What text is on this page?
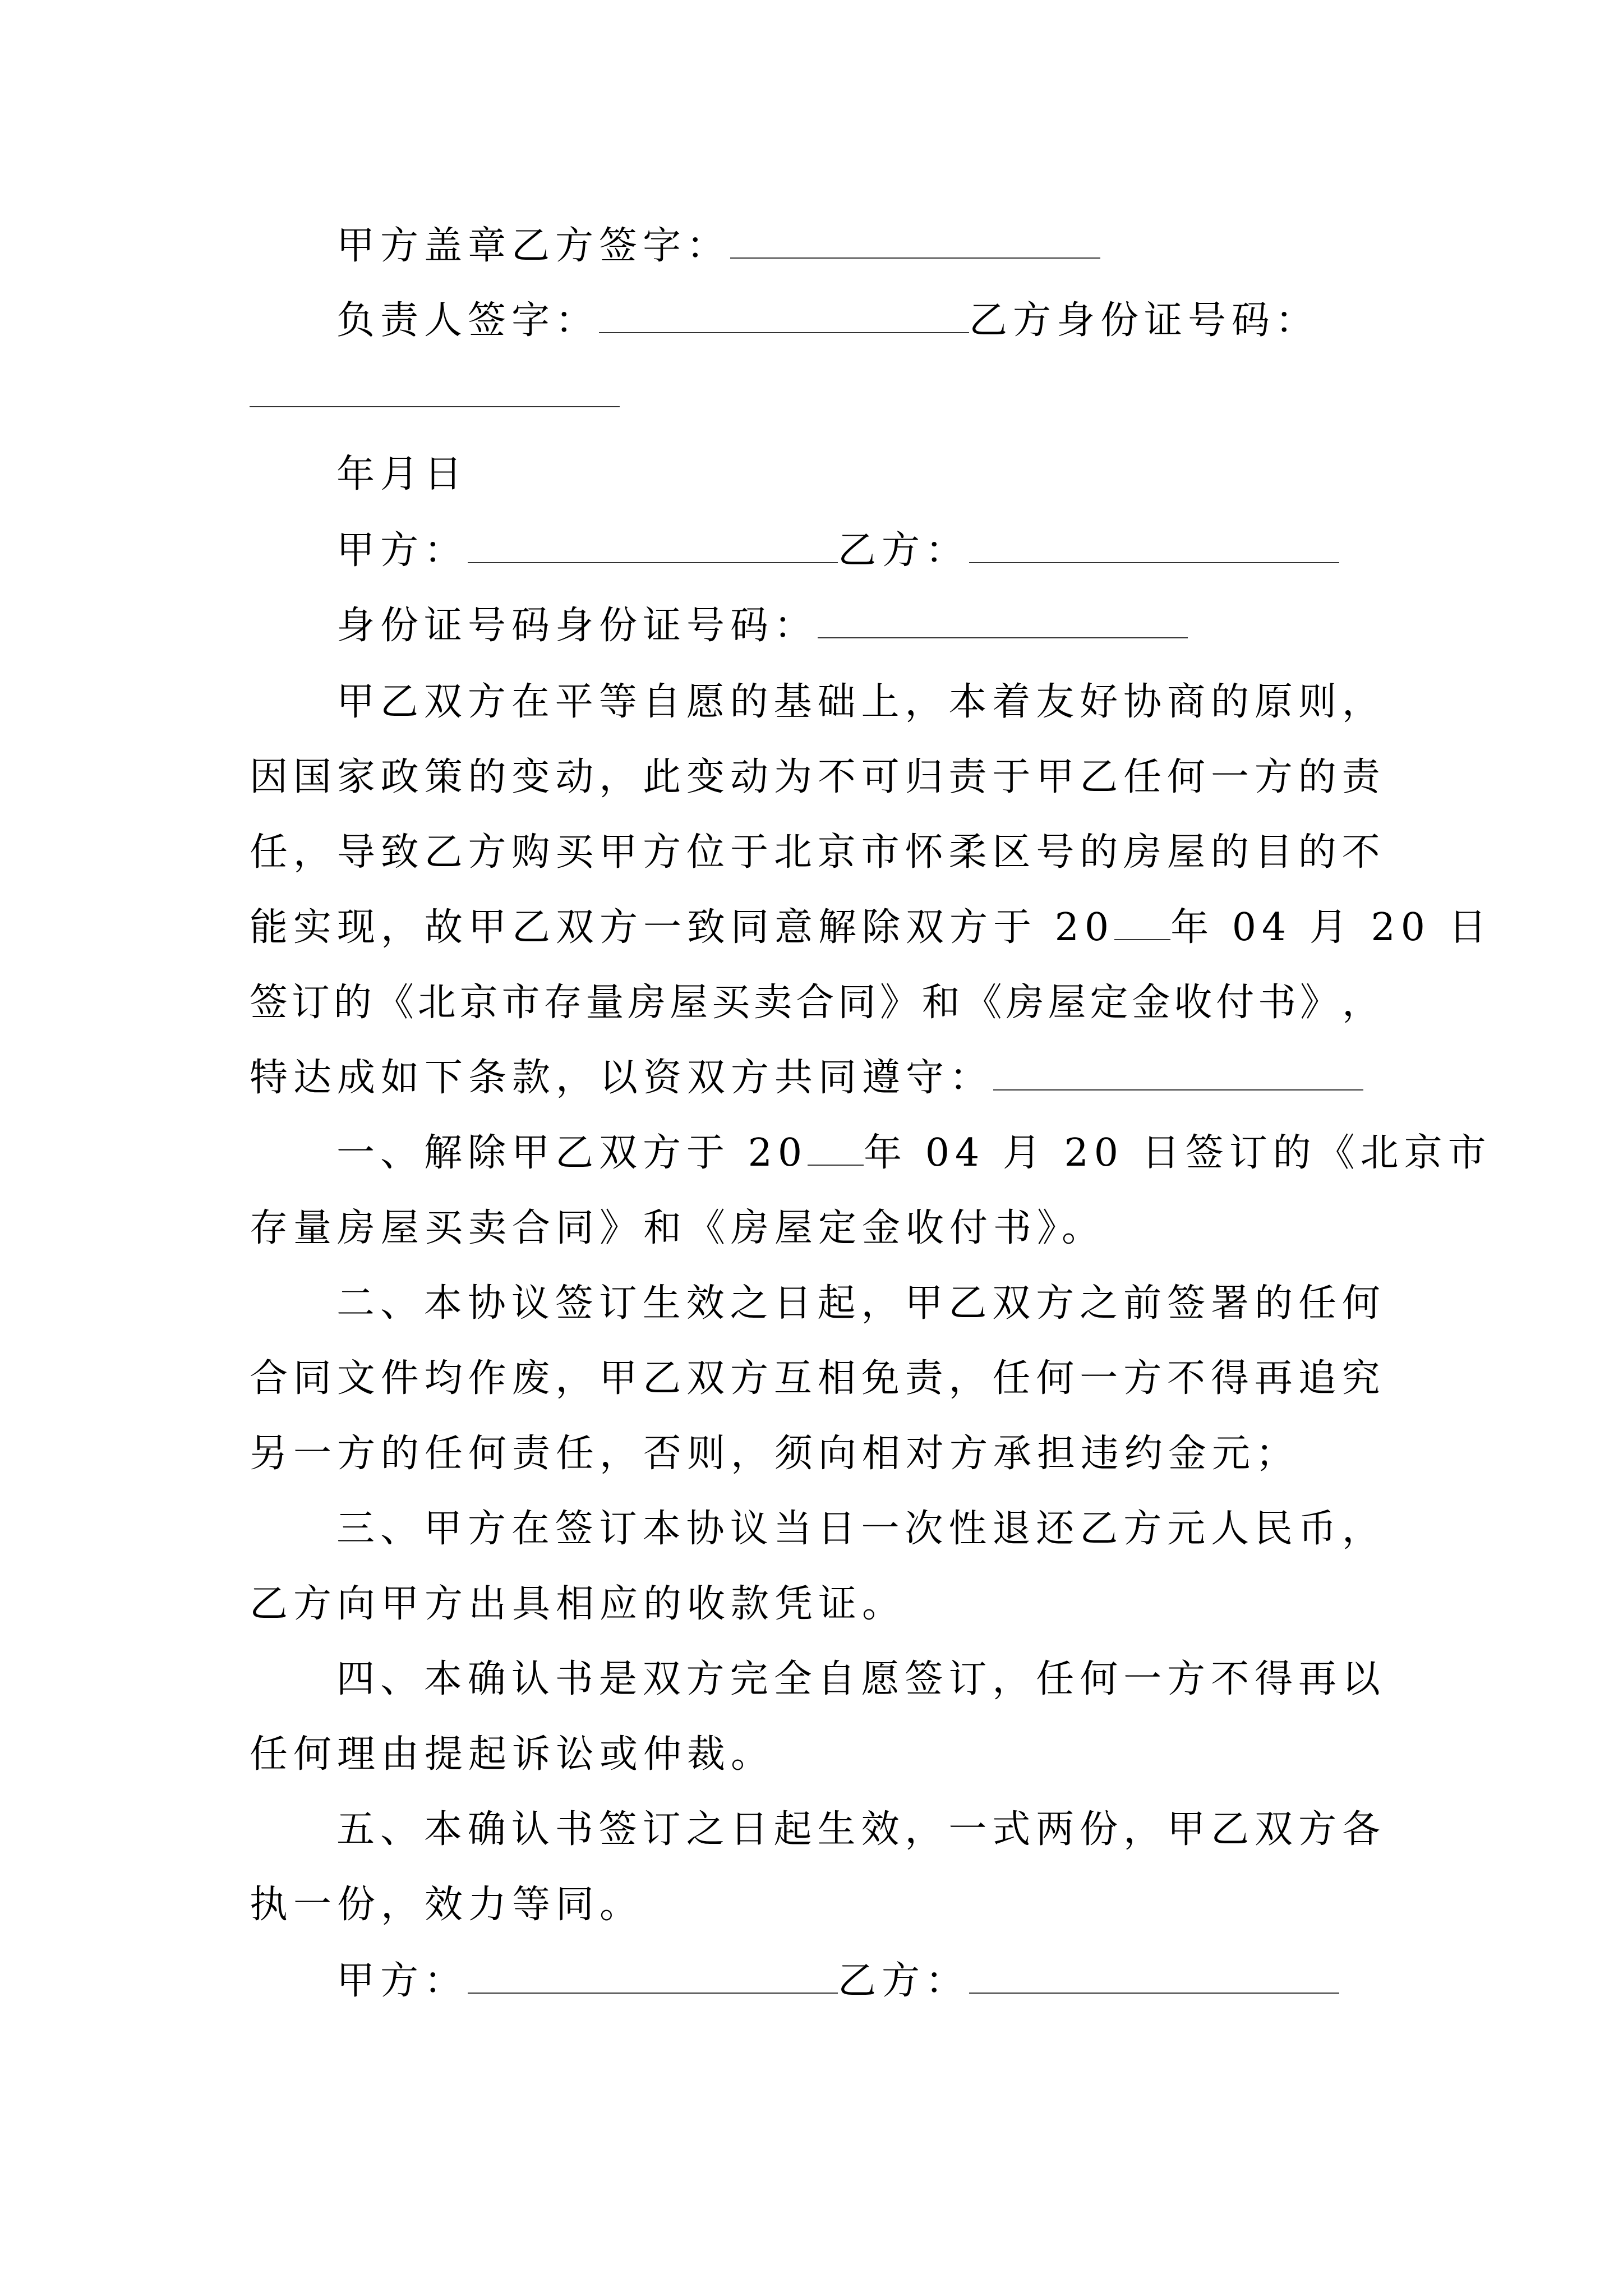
甲方盖章乙方签字：
负责人签字：	乙方身份证号码：
年月日
甲方：	乙方：
身份证号码身份证号码：
甲 乙 双 方 在 平 等 自 愿 的 基 础 上 ， 本 着 友 好 协 商 的 原 则 ，
因 国 家 政 策 的 变 动 ， 此 变 动 为 不 可 归 责 于 甲 乙 任 何 一 方 的 责
任 ， 导 致 乙 方 购 买 甲 方 位 于 北 京 市 怀 柔 区 号 的 房 屋 的 目 的 不
能实现，故甲乙双方一致同意解除双方于 20 年 04 月 20 日
签 订 的 《 北 京 市 存 量 房 屋 买 卖 合 同 》 和 《 房 屋 定 金 收 付 书 》 ，
特达成如下条款，以资双方共同遵守：
一、解除甲乙双方于 20 年 04 月 20 日签订的《北京市
存量房屋买卖合同》和《房屋定金收付书》。
二 、 本 协 议 签 订 生 效 之 日 起 ， 甲 乙 双 方 之 前 签 署 的 任 何
合 同 文 件 均 作 废 ， 甲 乙 双 方 互 相 免 责 ， 任 何 一 方 不 得 再 追 究
另一方的任何责任，否则，须向相对方承担违约金元；
三 、 甲 方 在 签 订 本 协 议 当 日 一 次 性 退 还 乙 方 元 人 民 币 ，
乙方向甲方出具相应的收款凭证。
四 、 本 确 认 书 是 双 方 完 全 自 愿 签 订 ， 任 何 一 方 不 得 再 以
任何理由提起诉讼或仲裁。
五 、 本 确 认 书 签 订 之 日 起 生 效 ， 一 式 两 份 ， 甲 乙 双 方 各
执一份，效力等同。
甲方：	乙方：
